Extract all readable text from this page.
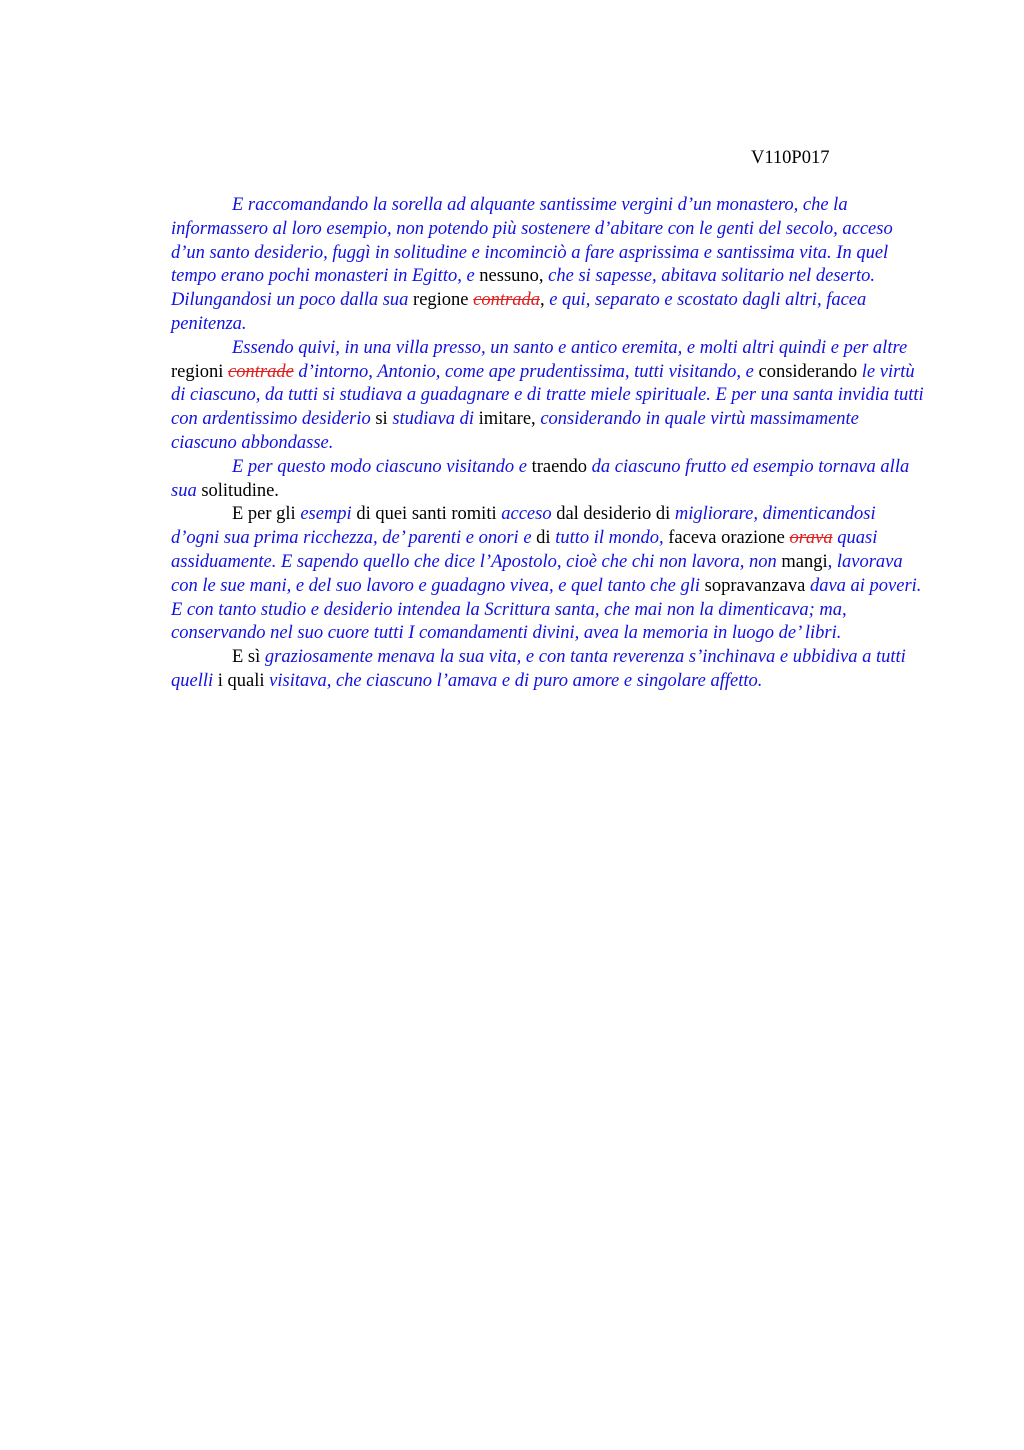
V110P017

E raccomandando la sorella ad alquante santissime vergini d’un monastero, che la informassero al loro esempio, non potendo più sostenere d’abitare con le genti del secolo, acceso d’un santo desiderio, fuggì in solitudine e incominciò a fare asprissima e santissima vita. In quel tempo erano pochi monasteri in Egitto, e nessuno, che si sapesse, abitava solitario nel deserto. Dilungandosi un poco dalla sua regione contrada, e qui, separato e scostato dagli altri, facea penitenza.

Essendo quivi, in una villa presso, un santo e antico eremita, e molti altri quindi e per altre regioni contrade d’intorno, Antonio, come ape prudentissima, tutti visitando, e considerando le virtù di ciascuno, da tutti si studiava a guadagnare e di tratte miele spirituale. E per una santa invidia tutti con ardentissimo desiderio si studiava di imitare, considerando in quale virtù massimamente ciascuno abbondasse.

E per questo modo ciascuno visitando e traendo da ciascuno frutto ed esempio tornava alla sua solitudine.

E per gli esempi di quei santi romiti acceso dal desiderio di migliorare, dimenticandosi d’ogni sua prima ricchezza, de’ parenti e onori e di tutto il mondo, faceva orazione orava quasi assiduamente. E sapendo quello che dice l’Apostolo, cioè che chi non lavora, non mangi, lavorava con le sue mani, e del suo lavoro e guadagno vivea, e quel tanto che gli sopravanzava dava ai poveri. E con tanto studio e desiderio intendea la Scrittura santa, che mai non la dimenticava; ma, conservando nel suo cuore tutti I comandamenti divini, avea la memoria in luogo de’ libri.

E sì graziosamente menava la sua vita, e con tanta reverenza s’inchinava e ubbidiva a tutti quelli i quali visitava, che ciascuno l’amava e di puro amore e singolare affetto.
